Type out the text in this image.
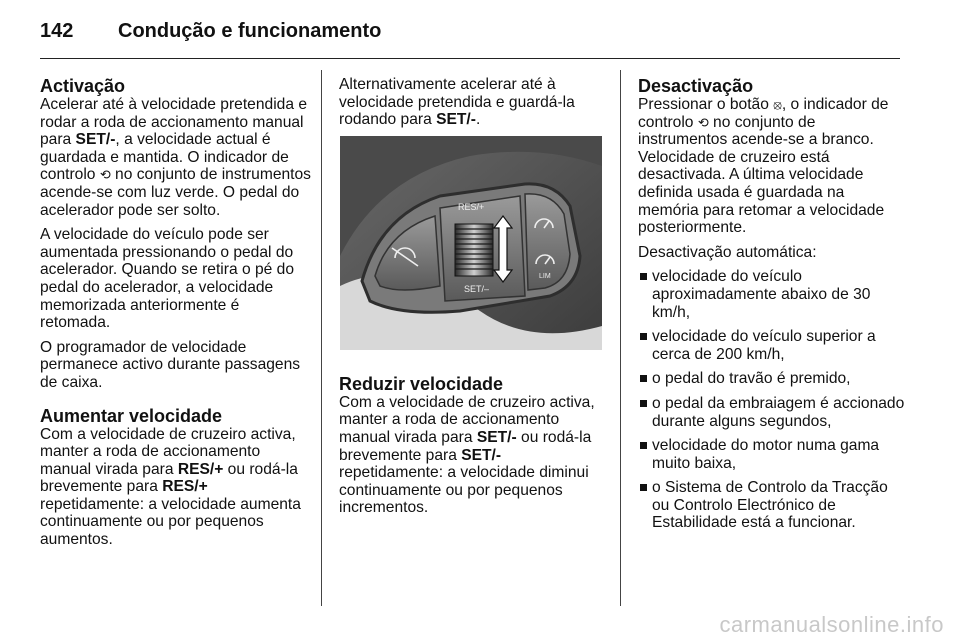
142 Condução e funcionamento
Activação

Acelerar até à velocidade pretendida e rodar a roda de accionamento manual para SET/-, a velocidade actual é guardada e mantida. O indicador de controlo ⟲ no conjunto de instrumentos acende-se com luz verde. O pedal do acelerador pode ser solto.

A velocidade do veículo pode ser aumentada pressionando o pedal do acelerador. Quando se retira o pé do pedal do acelerador, a velocidade memorizada anteriormente é retomada.

O programador de velocidade permanece activo durante passagens de caixa.

Aumentar velocidade

Com a velocidade de cruzeiro activa, manter a roda de accionamento manual virada para RES/+ ou rodá-la brevemente para RES/+ repetidamente: a velocidade aumenta continuamente ou por pequenos aumentos.

Alternativamente acelerar até à velocidade pretendida e guardá-la rodando para SET/-.

RES/+
SET/–
LIM
Reduzir velocidade

Com a velocidade de cruzeiro activa, manter a roda de accionamento manual virada para SET/- ou rodá-la brevemente para SET/- repetidamente: a velocidade diminui continuamente ou por pequenos incrementos.

Desactivação

Pressionar o botão ⦻, o indicador de controlo ⟲ no conjunto de instrumentos acende-se a branco. Velocidade de cruzeiro está desactivada. A última velocidade definida usada é guardada na memória para retomar a velocidade posteriormente.

Desactivação automática:

velocidade do veículo aproximadamente abaixo de 30 km/h,
velocidade do veículo superior a cerca de 200 km/h,
o pedal do travão é premido,
o pedal da embraiagem é accionado durante alguns segundos,
velocidade do motor numa gama muito baixa,
o Sistema de Controlo da Tracção ou Controlo Electrónico de Estabilidade está a funcionar.
carmanualsonline.info
